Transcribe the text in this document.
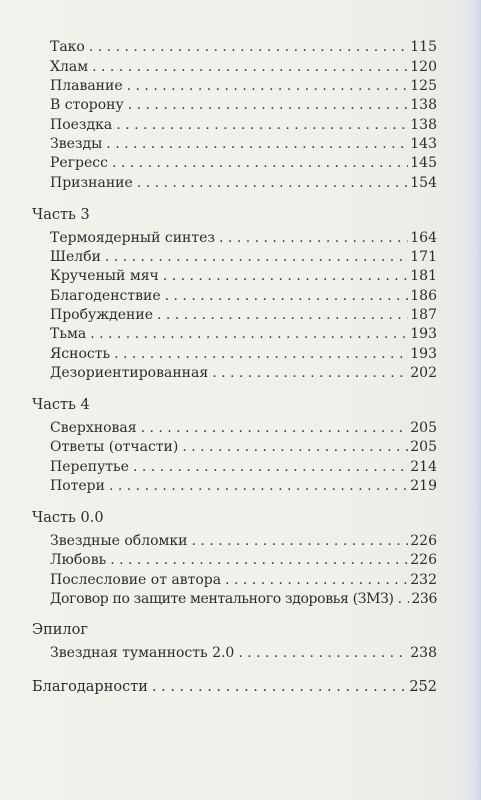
Тако . . .	115
Хлам . . .	120
Плавание . . .	125
В сторону . . .	138
Поездка . . .	138
Звезды . . .	143
Регресс . . .	145
Признание . . .	154
Часть 3
Термоядерный синтез . . .	164
Шелби . . .	171
Крученый мяч . . .	181
Благоденствие . . .	186
Пробуждение . . .	187
Тьма . . .	193
Ясность . . .	193
Дезориентированная . . .	202
Часть 4
Сверхновая . . .	205
Ответы (отчасти) . . .	205
Перепутье . . .	214
Потери . . .	219
Часть 0.0
Звездные обломки . . .	226
Любовь . . .	226
Послесловие от автора . . .	232
Договор по защите ментального здоровья (ЗМЗ) . . . 236
Эпилог
Звездная туманность 2.0 . . .	238
Благодарности . . .	252
